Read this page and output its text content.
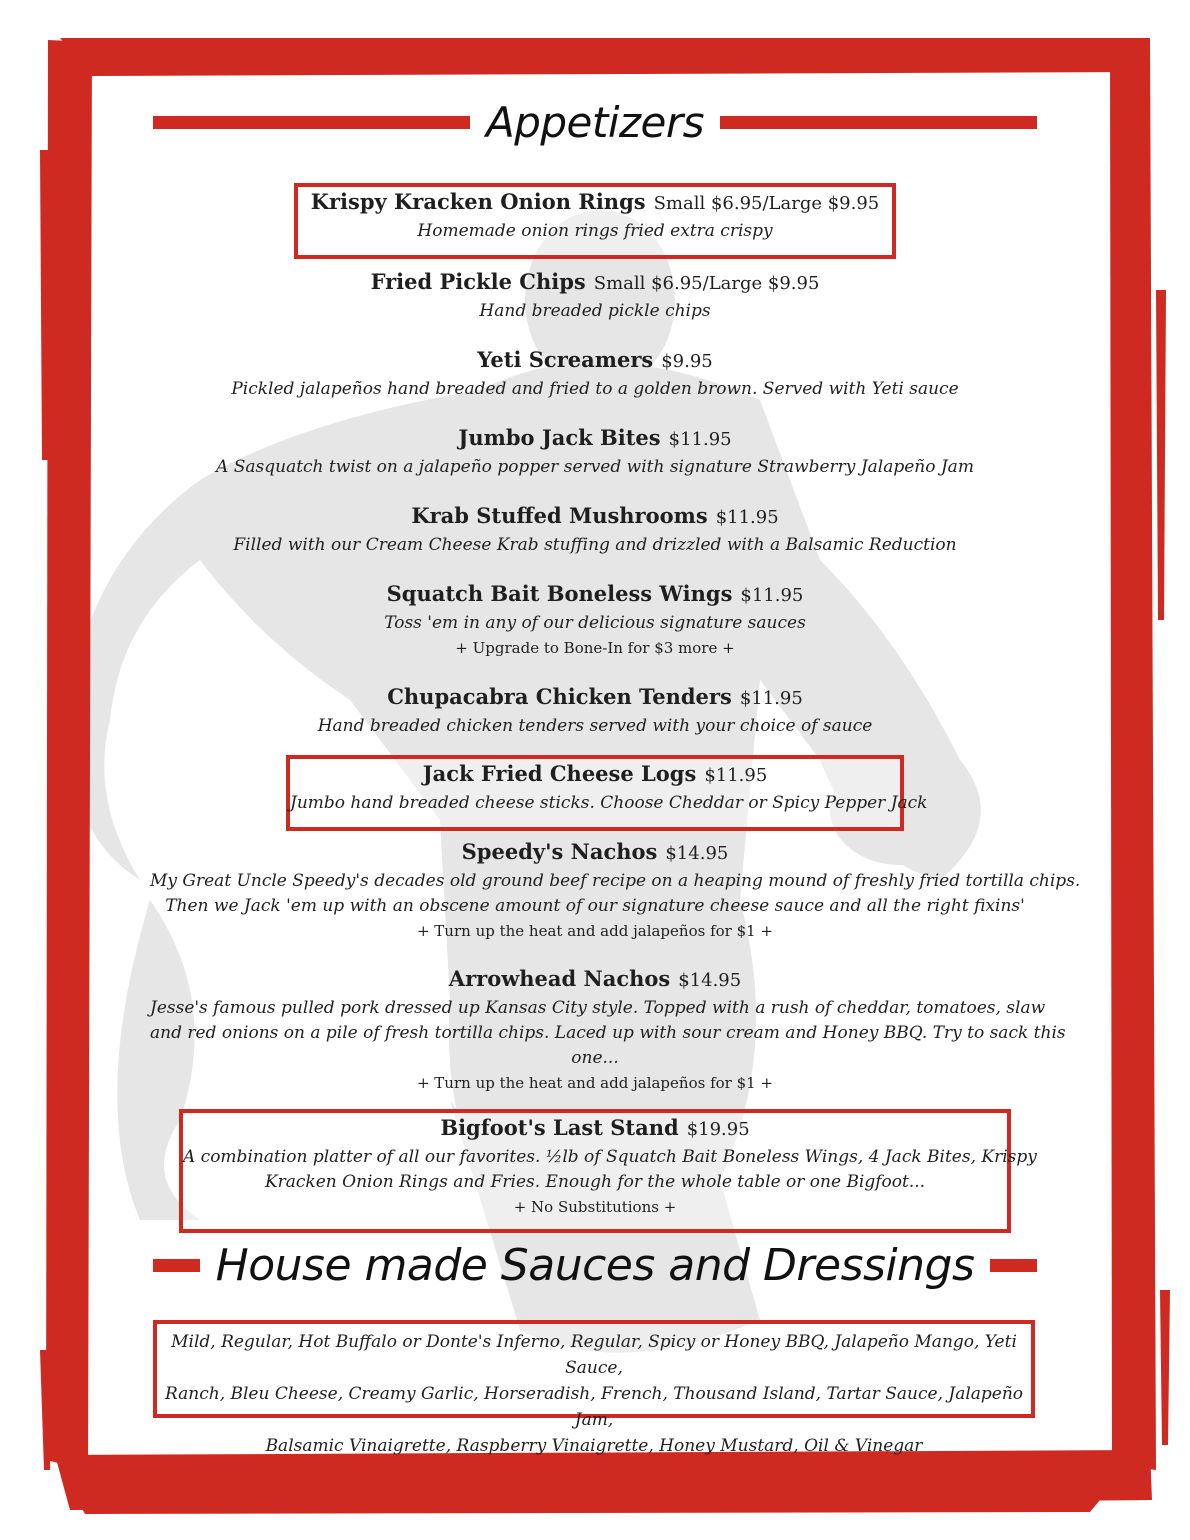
Appetizers
Krispy Kracken Onion Rings Small $6.95/Large $9.95
Homemade onion rings fried extra crispy
Fried Pickle Chips Small $6.95/Large $9.95
Hand breaded pickle chips
Yeti Screamers $9.95
Pickled jalapeños hand breaded and fried to a golden brown. Served with Yeti sauce
Jumbo Jack Bites $11.95
A Sasquatch twist on a jalapeño popper served with signature Strawberry Jalapeño Jam
Krab Stuffed Mushrooms $11.95
Filled with our Cream Cheese Krab stuffing and drizzled with a Balsamic Reduction
Squatch Bait Boneless Wings $11.95
Toss 'em in any of our delicious signature sauces
+ Upgrade to Bone-In for $3 more +
Chupacabra Chicken Tenders $11.95
Hand breaded chicken tenders served with your choice of sauce
Jack Fried Cheese Logs $11.95
Jumbo hand breaded cheese sticks. Choose Cheddar or Spicy Pepper Jack
Speedy's Nachos $14.95
My Great Uncle Speedy's decades old ground beef recipe on a heaping mound of freshly fried tortilla chips.
Then we Jack 'em up with an obscene amount of our signature cheese sauce and all the right fixins'
+ Turn up the heat and add jalapeños for $1 +
Arrowhead Nachos $14.95
Jesse's famous pulled pork dressed up Kansas City style. Topped with a rush of cheddar, tomatoes, slaw
and red onions on a pile of fresh tortilla chips. Laced up with sour cream and Honey BBQ. Try to sack this
one...
+ Turn up the heat and add jalapeños for $1 +
Bigfoot's Last Stand $19.95
A combination platter of all our favorites. ½lb of Squatch Bait Boneless Wings, 4 Jack Bites, Krispy
Kracken Onion Rings and Fries. Enough for the whole table or one Bigfoot...
+ No Substitutions +
House made Sauces and Dressings
Mild, Regular, Hot Buffalo or Donte's Inferno, Regular, Spicy or Honey BBQ, Jalapeño Mango, Yeti Sauce,
Ranch, Bleu Cheese, Creamy Garlic, Horseradish, French, Thousand Island, Tartar Sauce, Jalapeño Jam,
Balsamic Vinaigrette, Raspberry Vinaigrette, Honey Mustard, Oil & Vinegar
